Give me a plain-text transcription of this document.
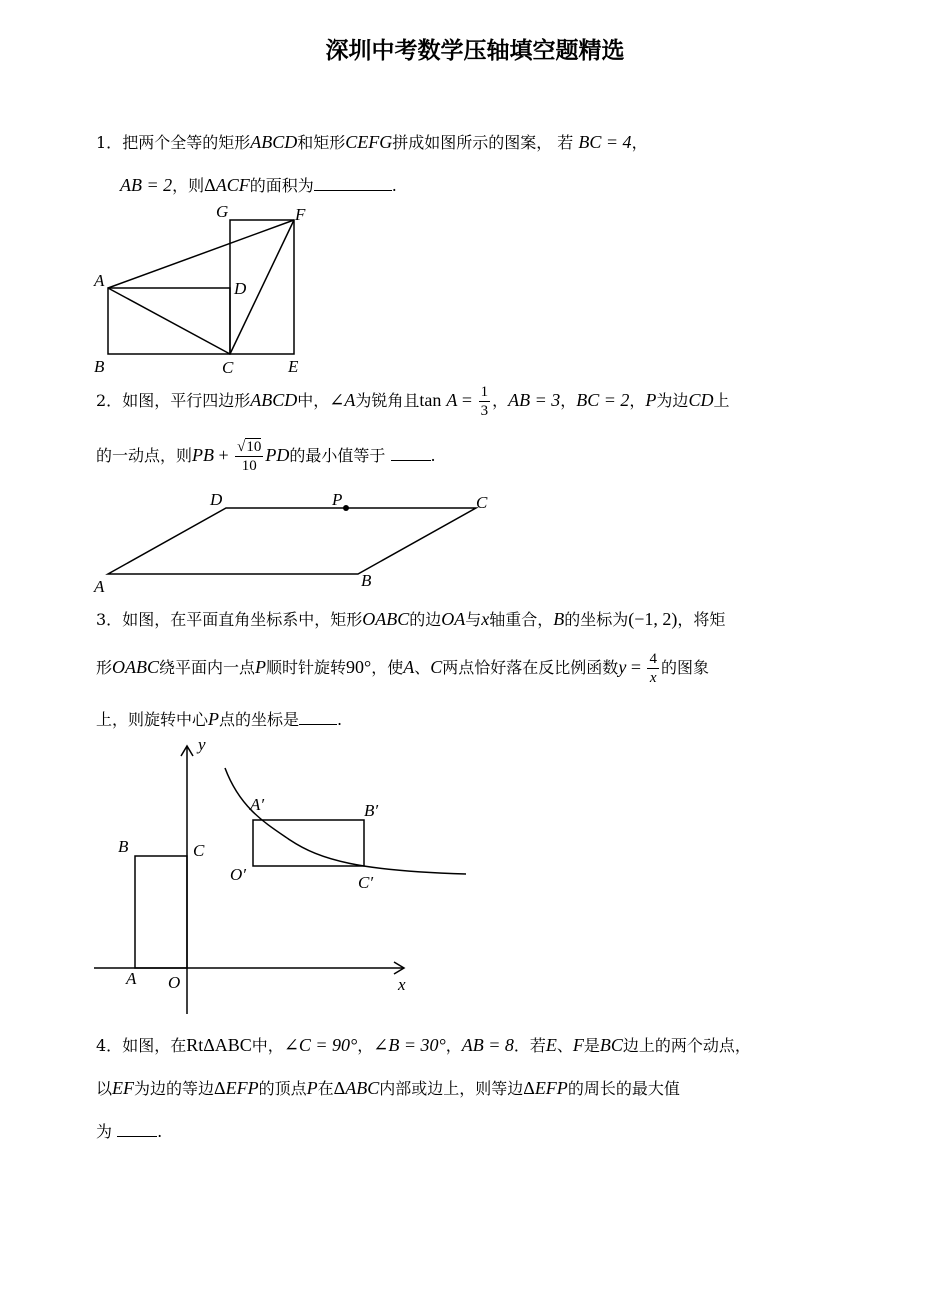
深圳中考数学压轴填空题精选
1．把两个全等的矩形ABCD和矩形CEFG拼成如图所示的图案， 若 BC = 4，
AB = 2，则ΔACF的面积为	.
A
B	C
D
E
F
G
2．如图，平行四边形ABCD中，∠A为锐角且$\tan A = \frac{1}{3}$ ，AB = 3，BC = 2，P为边CD上
的一动点，则PB + $\frac{√10}{10}$ PD的最小值等于	.
D	P	C
A	B
3．如图，在平面直角坐标系中，矩形OABC的边OA与x轴重合，B的坐标为(−1, 2)，将矩
形OABC绕平面内一点P顺时针旋转90°，使A、C两点恰好落在反比例函数$y = \frac{4}{x}$ 的图象
上，则旋转中心P点的坐标是 .
y
B	C
A O	x
A′	B′
O′	C′
4．如图，在RtΔABC中，∠C = 90°，∠B = 30°，AB = 8．若E、F是BC边上的两个动点，
以EF为边的等边ΔEFP的顶点P在ΔABC内部或边上，则等边ΔEFP的周长的最大值
为	.
